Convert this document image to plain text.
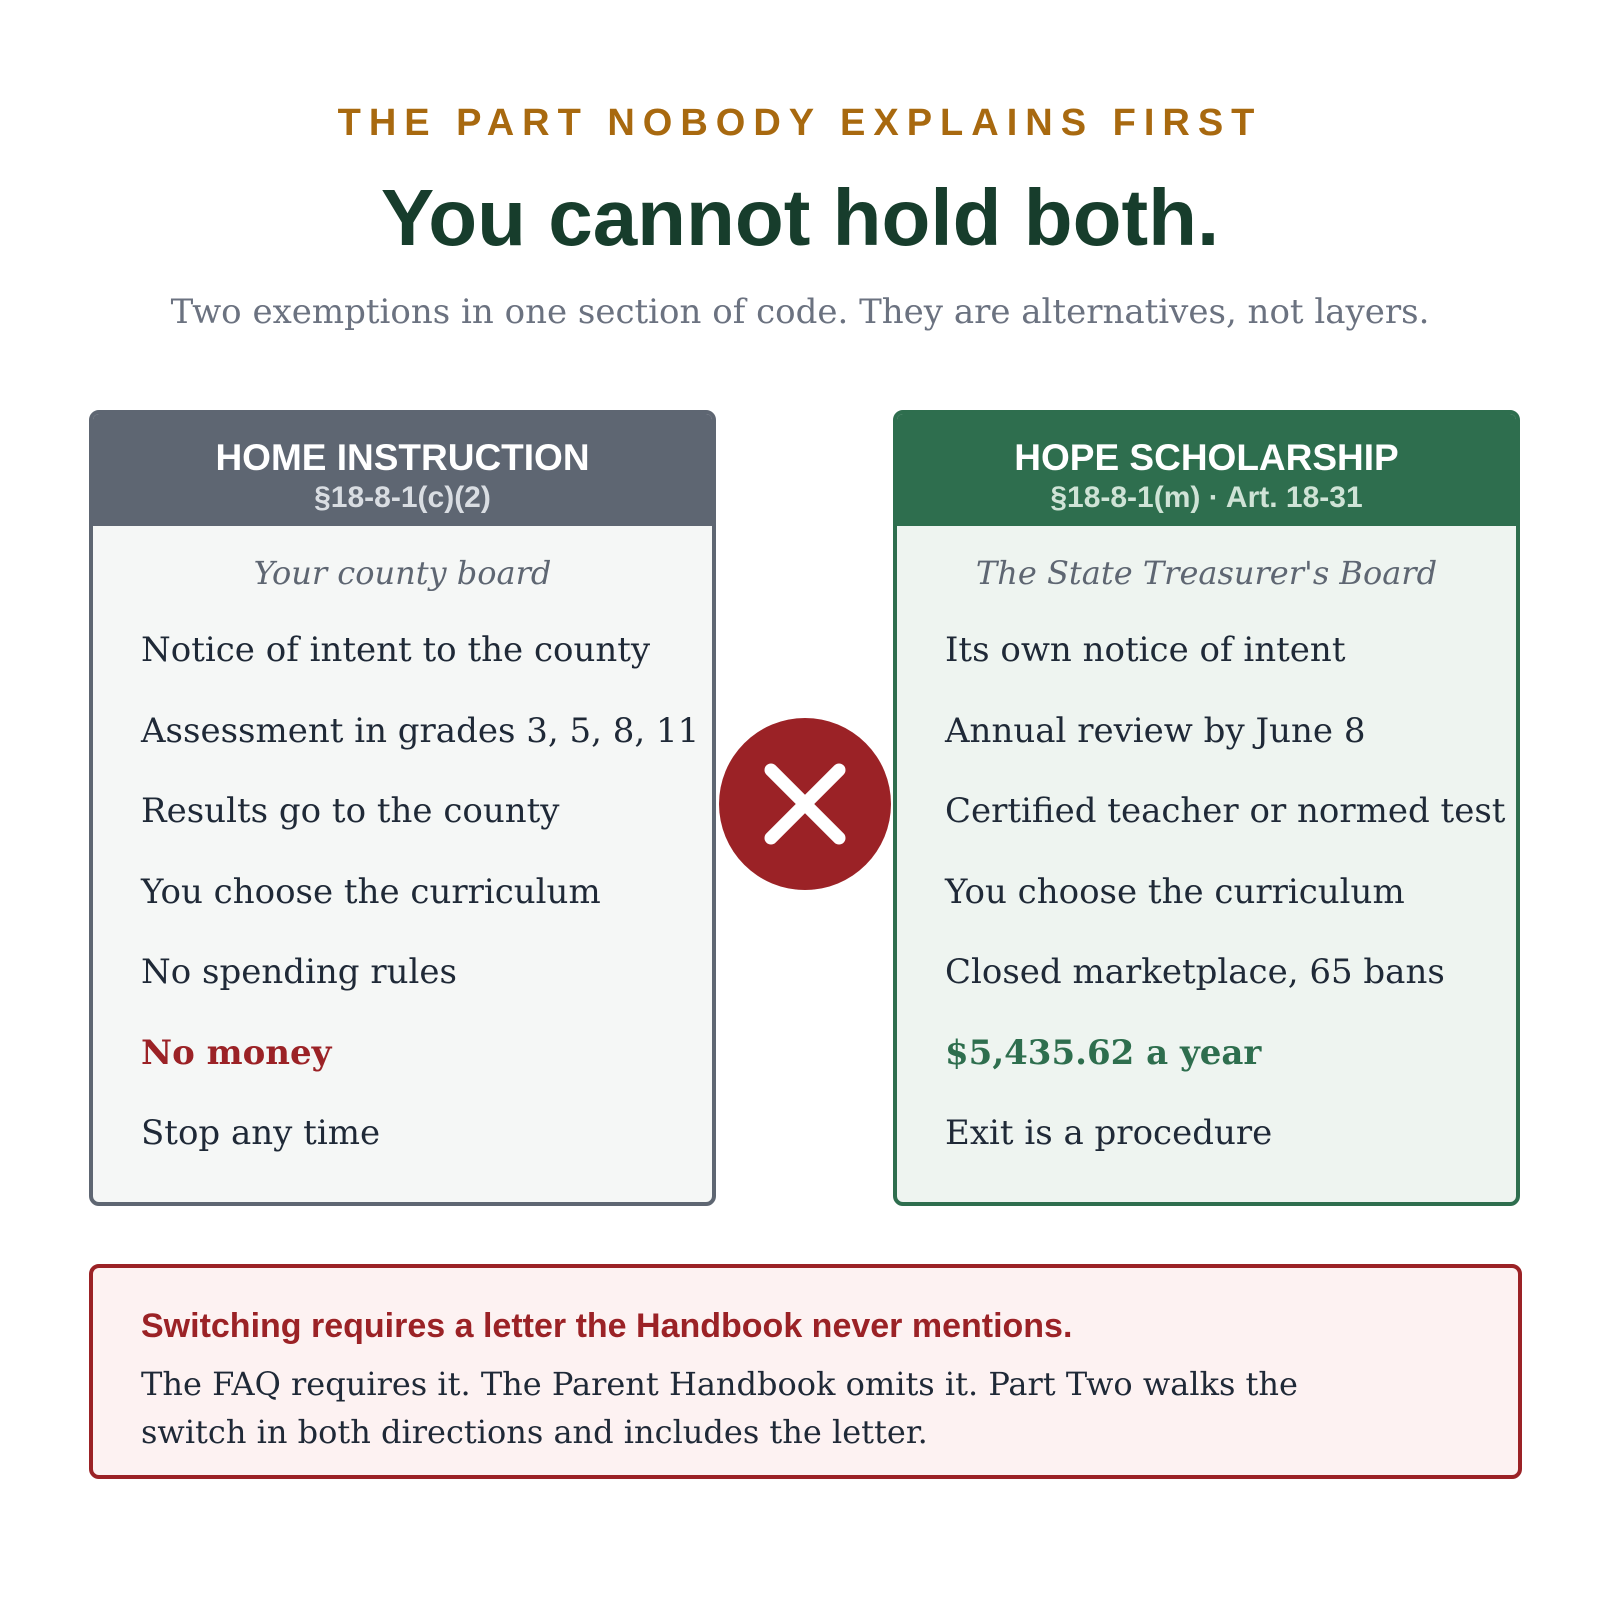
THE PART NOBODY EXPLAINS FIRST
You cannot hold both.
Two exemptions in one section of code. They are alternatives, not layers.
HOME INSTRUCTION
§18-8-1(c)(2)
Your county board
Notice of intent to the county
Assessment in grades 3, 5, 8, 11
Results go to the county
You choose the curriculum
No spending rules
No money
Stop any time
HOPE SCHOLARSHIP
§18-8-1(m) · Art. 18-31
The State Treasurer's Board
Its own notice of intent
Annual review by June 8
Certified teacher or normed test
You choose the curriculum
Closed marketplace, 65 bans
$5,435.62 a year
Exit is a procedure
Switching requires a letter the Handbook never mentions.
The FAQ requires it. The Parent Handbook omits it. Part Two walks the switch in both directions and includes the letter.
